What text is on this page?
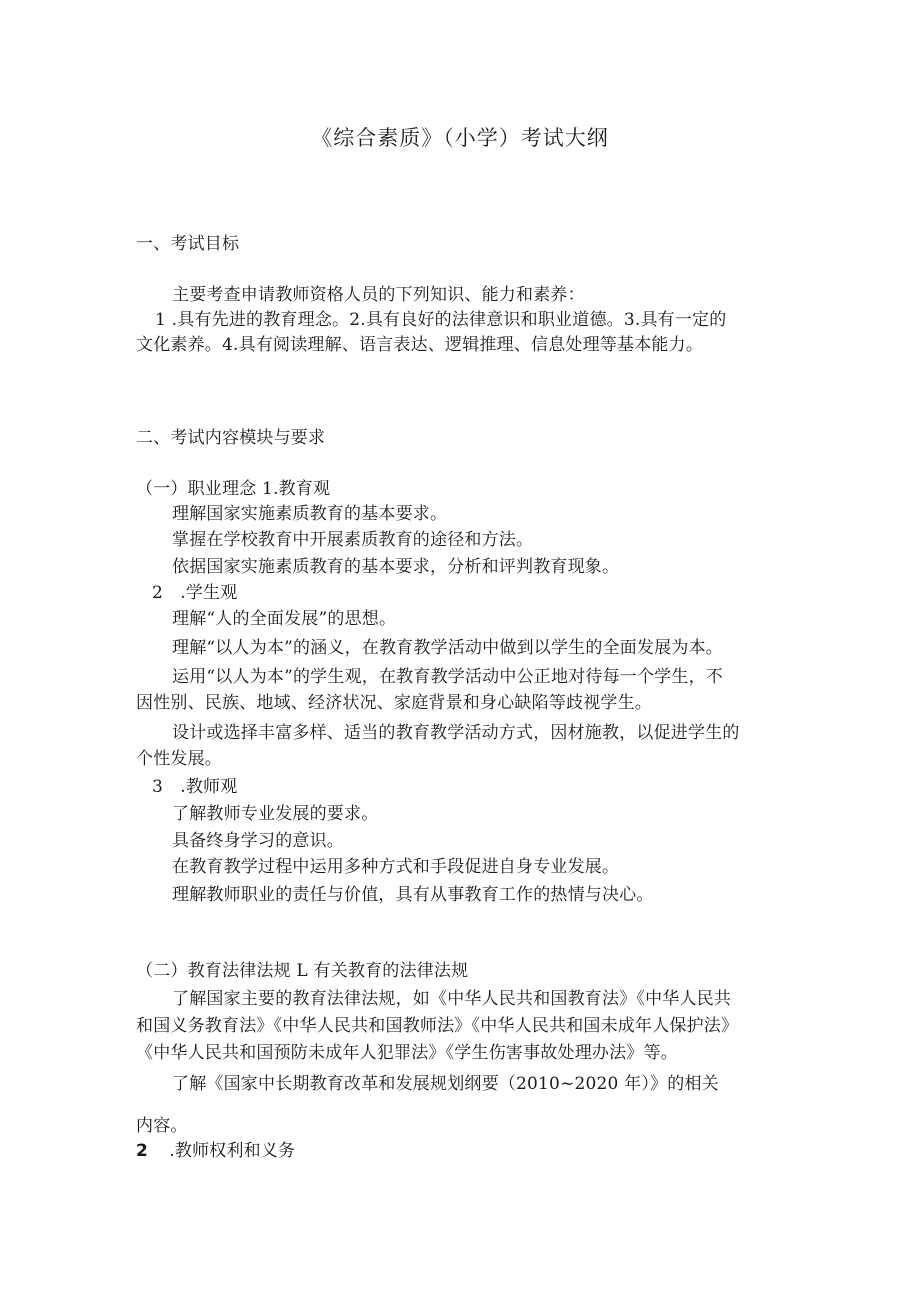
《综合素质》（小学）考试大纲
一、考试目标
主要考查申请教师资格人员的下列知识、能力和素养：
1 .具有先进的教育理念。2.具有良好的法律意识和职业道德。3.具有一定的
文化素养。4.具有阅读理解、语言表达、逻辑推理、信息处理等基本能力。
二、考试内容模块与要求
（一）职业理念 1.教育观
理解国家实施素质教育的基本要求。
掌握在学校教育中开展素质教育的途径和方法。
依据国家实施素质教育的基本要求，分析和评判教育现象。
2　.学生观
理解“人的全面发展”的思想。
理解“以人为本”的涵义，在教育教学活动中做到以学生的全面发展为本。
运用“以人为本”的学生观，在教育教学活动中公正地对待每一个学生，不
因性别、民族、地域、经济状况、家庭背景和身心缺陷等歧视学生。
设计或选择丰富多样、适当的教育教学活动方式，因材施教，以促进学生的
个性发展。
3　.教师观
了解教师专业发展的要求。
具备终身学习的意识。
在教育教学过程中运用多种方式和手段促进自身专业发展。
理解教师职业的责任与价值，具有从事教育工作的热情与决心。
（二）教育法律法规 L 有关教育的法律法规
了解国家主要的教育法律法规，如《中华人民共和国教育法》《中华人民共
和国义务教育法》《中华人民共和国教师法》《中华人民共和国未成年人保护法》
《中华人民共和国预防未成年人犯罪法》《学生伤害事故处理办法》等。
了解《国家中长期教育改革和发展规划纲要（2010~2020 年）》的相关
内容。
2 .教师权利和义务
